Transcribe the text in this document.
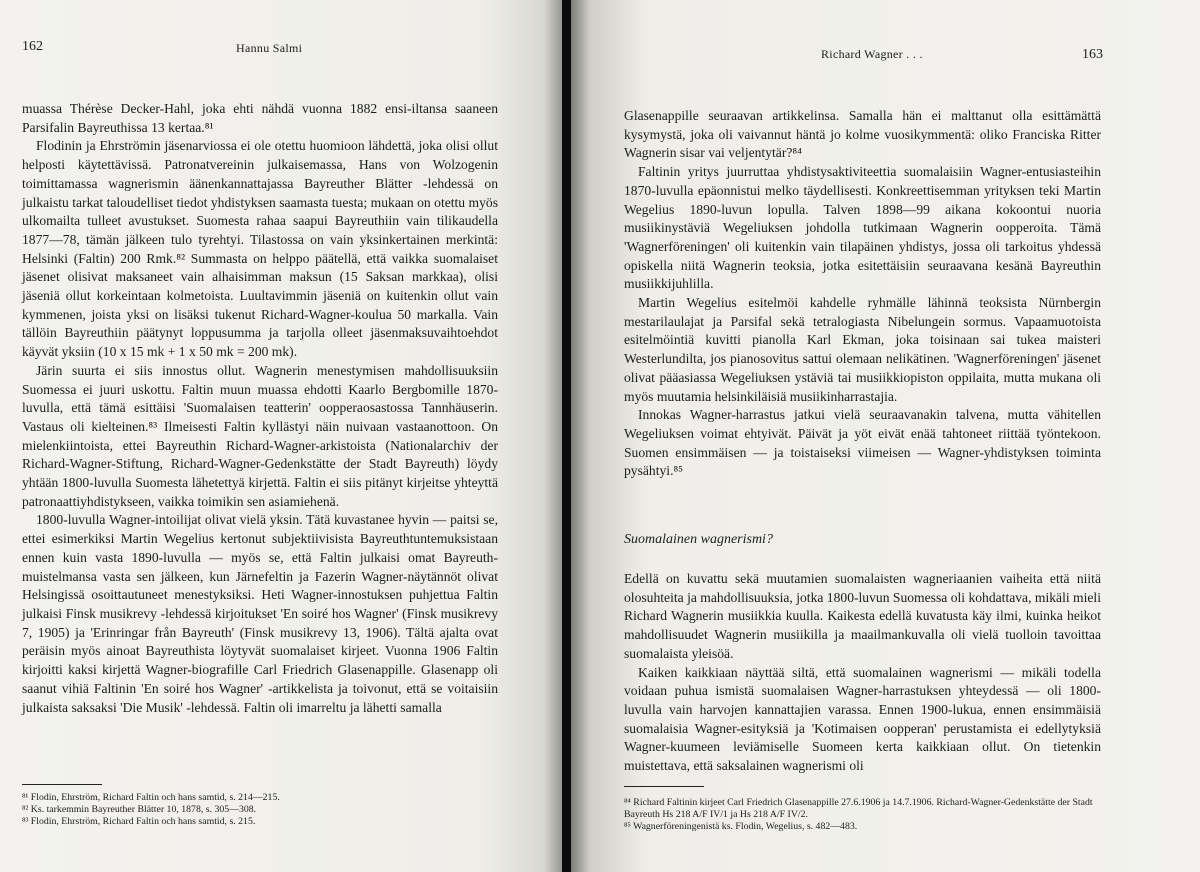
162	Hannu Salmi

muassa Thérèse Decker-Hahl, joka ehti nähdä vuonna 1882 ensi-iltansa saaneen Parsifalin Bayreuthissa 13 kertaa.⁸¹

Flodinin ja Ehrströmin jäsenarviossa ei ole otettu huomioon lähdettä, joka olisi ollut helposti käytettävissä. Patronatvereinin julkaisemassa, Hans von Wolzogenin toimittamassa wagnerismin äänenkannattajassa Bayreuther Blätter -lehdessä on julkaistu tarkat taloudelliset tiedot yhdistyksen saamasta tuesta; mukaan on otettu myös ulkomailta tulleet avustukset. Suomesta rahaa saapui Bayreuthiin vain tilikaudella 1877—78, tämän jälkeen tulo tyrehtyi. Tilastossa on vain yksinkertainen merkintä: Helsinki (Faltin) 200 Rmk.⁸² Summasta on helppo päätellä, että vaikka suomalaiset jäsenet olisivat maksaneet vain alhaisimman maksun (15 Saksan markkaa), olisi jäseniä ollut korkeintaan kolmetoista. Luultavimmin jäseniä on kuitenkin ollut vain kymmenen, joista yksi on lisäksi tukenut Richard-Wagner-koulua 50 markalla. Vain tällöin Bayreuthiin päätynyt loppusumma ja tarjolla olleet jäsenmaksuvaihtoehdot käyvät yksiin (10 x 15 mk + 1 x 50 mk = 200 mk).

Järin suurta ei siis innostus ollut. Wagnerin menestymisen mahdollisuuksiin Suomessa ei juuri uskottu. Faltin muun muassa ehdotti Kaarlo Bergbomille 1870-luvulla, että tämä esittäisi 'Suomalaisen teatterin' oopperaosastossa Tannhäuserin. Vastaus oli kielteinen.⁸³ Ilmeisesti Faltin kyllästyi näin nuivaan vastaanottoon. On mielenkiintoista, ettei Bayreuthin Richard-Wagner-arkistoista (Nationalarchiv der Richard-Wagner-Stiftung, Richard-Wagner-Gedenkstätte der Stadt Bayreuth) löydy yhtään 1800-luvulla Suomesta lähetettyä kirjettä. Faltin ei siis pitänyt kirjeitse yhteyttä patronaattiyhdistykseen, vaikka toimikin sen asiamiehenä.

1800-luvulla Wagner-intoilijat olivat vielä yksin. Tätä kuvastanee hyvin — paitsi se, ettei esimerkiksi Martin Wegelius kertonut subjektiivisista Bayreuthtuntemuksistaan ennen kuin vasta 1890-luvulla — myös se, että Faltin julkaisi omat Bayreuth-muistelmansa vasta sen jälkeen, kun Järnefeltin ja Fazerin Wagner-näytännöt olivat Helsingissä osoittautuneet menestyksiksi. Heti Wagner-innostuksen puhjettua Faltin julkaisi Finsk musikrevy -lehdessä kirjoitukset 'En soiré hos Wagner' (Finsk musikrevy 7, 1905) ja 'Erinringar från Bayreuth' (Finsk musikrevy 13, 1906). Tältä ajalta ovat peräisin myös ainoat Bayreuthista löytyvät suomalaiset kirjeet. Vuonna 1906 Faltin kirjoitti kaksi kirjettä Wagner-biografille Carl Friedrich Glasenappille. Glasenapp oli saanut vihiä Faltinin 'En soiré hos Wagner' -artikkelista ja toivonut, että se voitaisiin julkaista saksaksi 'Die Musik' -lehdessä. Faltin oli imarreltu ja lähetti samalla

⁸¹ Flodin, Ehrström, Richard Faltin och hans samtid, s. 214—215.

⁸² Ks. tarkemmin Bayreuther Blätter 10, 1878, s. 305—308.

⁸³ Flodin, Ehrström, Richard Faltin och hans samtid, s. 215.

Richard Wagner . . .	163

Glasenappille seuraavan artikkelinsa. Samalla hän ei malttanut olla esittämättä kysymystä, joka oli vaivannut häntä jo kolme vuosikymmentä: oliko Franciska Ritter Wagnerin sisar vai veljentytär?⁸⁴

Faltinin yritys juurruttaa yhdistysaktiviteettia suomalaisiin Wagner-entusiasteihin 1870-luvulla epäonnistui melko täydellisesti. Konkreettisemman yrityksen teki Martin Wegelius 1890-luvun lopulla. Talven 1898—99 aikana kokoontui nuoria musiikinystäviä Wegeliuksen johdolla tutkimaan Wagnerin oopperoita. Tämä 'Wagnerföreningen' oli kuitenkin vain tilapäinen yhdistys, jossa oli tarkoitus yhdessä opiskella niitä Wagnerin teoksia, jotka esitettäisiin seuraavana kesänä Bayreuthin musiikkijuhlilla.

Martin Wegelius esitelmöi kahdelle ryhmälle lähinnä teoksista Nürnbergin mestarilaulajat ja Parsifal sekä tetralogiasta Nibelungein sormus. Vapaamuotoista esitelmöintiä kuvitti pianolla Karl Ekman, joka toisinaan sai tukea maisteri Westerlundilta, jos pianosovitus sattui olemaan nelikätinen. 'Wagnerföreningen' jäsenet olivat pääasiassa Wegeliuksen ystäviä tai musiikkiopiston oppilaita, mutta mukana oli myös muutamia helsinkiläisiä musiikinharrastajia.

Innokas Wagner-harrastus jatkui vielä seuraavanakin talvena, mutta vähitellen Wegeliuksen voimat ehtyivät. Päivät ja yöt eivät enää tahtoneet riittää työntekoon. Suomen ensimmäisen — ja toistaiseksi viimeisen — Wagner-yhdistyksen toiminta pysähtyi.⁸⁵

Suomalainen wagnerismi?

Edellä on kuvattu sekä muutamien suomalaisten wagneriaanien vaiheita että niitä olosuhteita ja mahdollisuuksia, jotka 1800-luvun Suomessa oli kohdattava, mikäli mieli Richard Wagnerin musiikkia kuulla. Kaikesta edellä kuvatusta käy ilmi, kuinka heikot mahdollisuudet Wagnerin musiikilla ja maailmankuvalla oli vielä tuolloin tavoittaa suomalaista yleisöä.

Kaiken kaikkiaan näyttää siltä, että suomalainen wagnerismi — mikäli todella voidaan puhua ismistä suomalaisen Wagner-harrastuksen yhteydessä — oli 1800-luvulla vain harvojen kannattajien varassa. Ennen 1900-lukua, ennen ensimmäisiä suomalaisia Wagner-esityksiä ja 'Kotimaisen oopperan' perustamista ei edellytyksiä Wagner-kuumeen leviämiselle Suomeen kerta kaikkiaan ollut. On tietenkin muistettava, että saksalainen wagnerismi oli

⁸⁴ Richard Faltinin kirjeet Carl Friedrich Glasenappille 27.6.1906 ja 14.7.1906. Richard-Wagner-Gedenkstätte der Stadt Bayreuth Hs 218 A/F IV/1 ja Hs 218 A/F IV/2.

⁸⁵ Wagnerföreningenistä ks. Flodin, Wegelius, s. 482—483.
